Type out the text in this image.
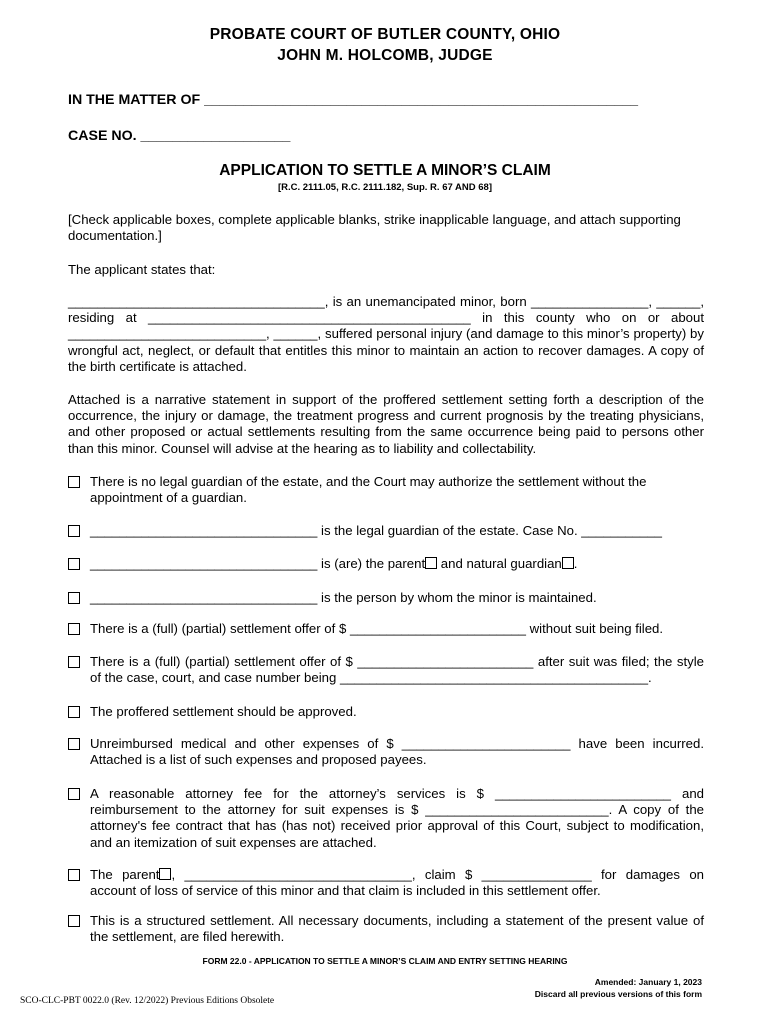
PROBATE COURT OF BUTLER COUNTY, OHIO
JOHN M. HOLCOMB, JUDGE
IN THE MATTER OF _______________________________________________________
CASE NO. ___________________
APPLICATION TO SETTLE A MINOR’S CLAIM
[R.C. 2111.05, R.C. 2111.182, Sup. R. 67 AND 68]
[Check applicable boxes, complete applicable blanks, strike inapplicable language, and attach supporting documentation.]
The applicant states that:
___________________________________, is an unemancipated minor, born ________________, ______, residing at ____________________________________________ in this county who on or about ___________________________, ______, suffered personal injury (and damage to this minor’s property) by wrongful act, neglect, or default that entitles this minor to maintain an action to recover damages. A copy of the birth certificate is attached.
Attached is a narrative statement in support of the proffered settlement setting forth a description of the occurrence, the injury or damage, the treatment progress and current prognosis by the treating physicians, and other proposed or actual settlements resulting from the same occurrence being paid to persons other than this minor. Counsel will advise at the hearing as to liability and collectability.
There is no legal guardian of the estate, and the Court may authorize the settlement without the appointment of a guardian.
_______________________________ is the legal guardian of the estate. Case No. ___________
_______________________________ is (are) the parent and natural guardian .
_______________________________ is the person by whom the minor is maintained.
There is a (full) (partial) settlement offer of $ ________________________ without suit being filed.
There is a (full) (partial) settlement offer of $ ________________________ after suit was filed; the style of the case, court, and case number being __________________________________________.
The proffered settlement should be approved.
Unreimbursed medical and other expenses of $ _______________________ have been incurred. Attached is a list of such expenses and proposed payees.
A reasonable attorney fee for the attorney’s services is $ ________________________ and reimbursement to the attorney for suit expenses is $ _________________________. A copy of the attorney's fee contract that has (has not) received prior approval of this Court, subject to modification, and an itemization of suit expenses are attached.
The parent , _______________________________, claim $ _______________ for damages on account of loss of service of this minor and that claim is included in this settlement offer.
This is a structured settlement. All necessary documents, including a statement of the present value of the settlement, are filed herewith.
FORM 22.0 - APPLICATION TO SETTLE A MINOR’S CLAIM AND ENTRY SETTING HEARING
Amended: January 1, 2023
Discard all previous versions of this form
SCO-CLC-PBT 0022.0 (Rev. 12/2022) Previous Editions Obsolete
